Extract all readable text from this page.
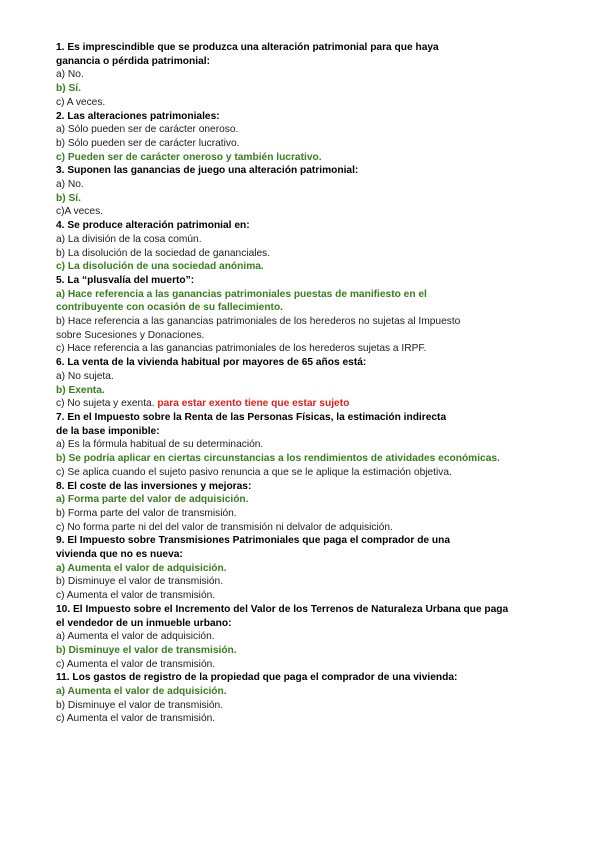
1. Es imprescindible que se produzca una alteración patrimonial para que haya
ganancia o pérdida patrimonial:
a) No.
b) Sí.
c) A veces.
2. Las alteraciones patrimoniales:
a) Sólo pueden ser de carácter oneroso.
b) Sólo pueden ser de carácter lucrativo.
c) Pueden ser de carácter oneroso y también lucrativo.
3. Suponen las ganancias de juego una alteración patrimonial:
a) No.
b) Sí.
c)A veces.
4. Se produce alteración patrimonial en:
a) La división de la cosa común.
b) La disolución de la sociedad de gananciales.
c) La disolución de una sociedad anónima.
5. La “plusvalía del muerto”:
a) Hace referencia a las ganancias patrimoniales puestas de manifiesto en el
contribuyente con ocasión de su fallecimiento.
b) Hace referencia a las ganancias patrimoniales de los herederos no sujetas al Impuesto
sobre Sucesiones y Donaciones.
c) Hace referencia a las ganancias patrimoniales de los herederos sujetas a IRPF.
6. La venta de la vivienda habitual por mayores de 65 años está:
a) No sujeta.
b) Exenta.
c) No sujeta y exenta. para estar exento tiene que estar sujeto
7. En el Impuesto sobre la Renta de las Personas Físicas, la estimación indirecta
de la base imponible:
a) Es la fórmula habitual de su determinación.
b) Se podría aplicar en ciertas circunstancias a los rendimientos de atividades económicas.
c) Se aplica cuando el sujeto pasivo renuncia a que se le aplique la estimación objetiva.
8. El coste de las inversiones y mejoras:
a) Forma parte del valor de adquisición.
b) Forma parte del valor de transmisión.
c) No forma parte ni del del valor de transmisión ni delvalor de adquisición.
9. El Impuesto sobre Transmisiones Patrimoniales que paga el comprador de una
vivienda que no es nueva:
a) Aumenta el valor de adquisición.
b) Disminuye el valor de transmisión.
c) Aumenta el valor de transmisión.
10. El Impuesto sobre el Incremento del Valor de los Terrenos de Naturaleza Urbana que paga
el vendedor de un inmueble urbano:
a) Aumenta el valor de adquisición.
b) Disminuye el valor de transmisión.
c) Aumenta el valor de transmisión.
11. Los gastos de registro de la propiedad que paga el comprador de una vivienda:
a) Aumenta el valor de adquisición.
b) Disminuye el valor de transmisión.
c) Aumenta el valor de transmisión.
